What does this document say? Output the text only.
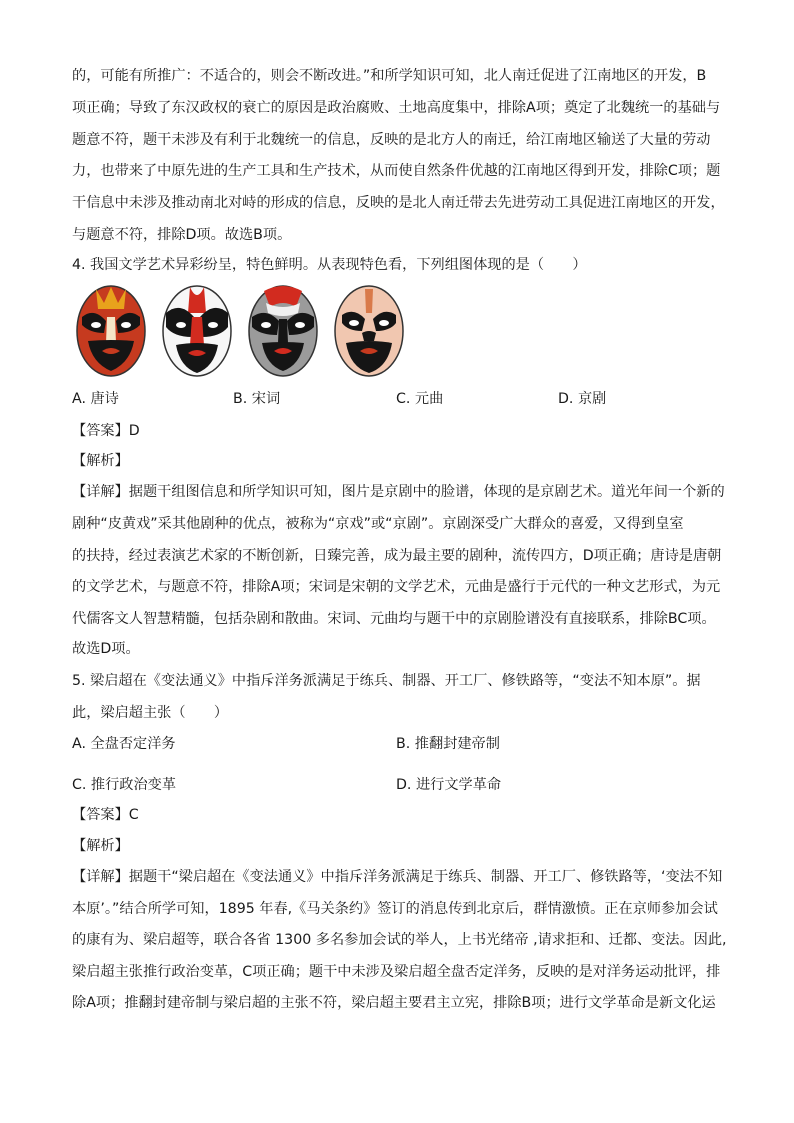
的，可能有所推广：不适合的，则会不断改进。”和所学知识可知，北人南迁促进了江南地区的开发，B
项正确；导致了东汉政权的衰亡的原因是政治腐败、土地高度集中，排除A项；奠定了北魏统一的基础与
题意不符，题干未涉及有利于北魏统一的信息，反映的是北方人的南迁，给江南地区输送了大量的劳动
力，也带来了中原先进的生产工具和生产技术，从而使自然条件优越的江南地区得到开发，排除C项；题
干信息中未涉及推动南北对峙的形成的信息，反映的是北人南迁带去先进劳动工具促进江南地区的开发，
与题意不符，排除D项。故选B项。
4. 我国文学艺术异彩纷呈，特色鲜明。从表现特色看，下列组图体现的是（　　）
A. 唐诗	B. 宋词	C. 元曲	D. 京剧
【答案】D
【解析】
【详解】据题干组图信息和所学知识可知，图片是京剧中的脸谱，体现的是京剧艺术。道光年间一个新的
剧种“皮黄戏”采其他剧种的优点，被称为“京戏”或“京剧”。京剧深受广大群众的喜爱，又得到皇室
的扶持，经过表演艺术家的不断创新，日臻完善，成为最主要的剧种，流传四方，D项正确；唐诗是唐朝
的文学艺术，与题意不符，排除A项；宋词是宋朝的文学艺术，元曲是盛行于元代的一种文艺形式，为元
代儒客文人智慧精髓，包括杂剧和散曲。宋词、元曲均与题干中的京剧脸谱没有直接联系，排除BC项。
故选D项。
5. 梁启超在《变法通义》中指斥洋务派满足于练兵、制器、开工厂、修铁路等，“变法不知本原”。据
此，梁启超主张（　　）
A. 全盘否定洋务	B. 推翻封建帝制
C. 推行政治变革	D. 进行文学革命
【答案】C
【解析】
【详解】据题干“梁启超在《变法通义》中指斥洋务派满足于练兵、制器、开工厂、修铁路等，‘变法不知
本原’。”结合所学可知，1895 年春,《马关条约》签订的消息传到北京后，群情激愤。正在京师参加会试
的康有为、梁启超等，联合各省 1300 多名参加会试的举人，上书光绪帝 ,请求拒和、迁都、变法。因此,
梁启超主张推行政治变革，C项正确；题干中未涉及梁启超全盘否定洋务，反映的是对洋务运动批评，排
除A项；推翻封建帝制与梁启超的主张不符，梁启超主要君主立宪，排除B项；进行文学革命是新文化运
